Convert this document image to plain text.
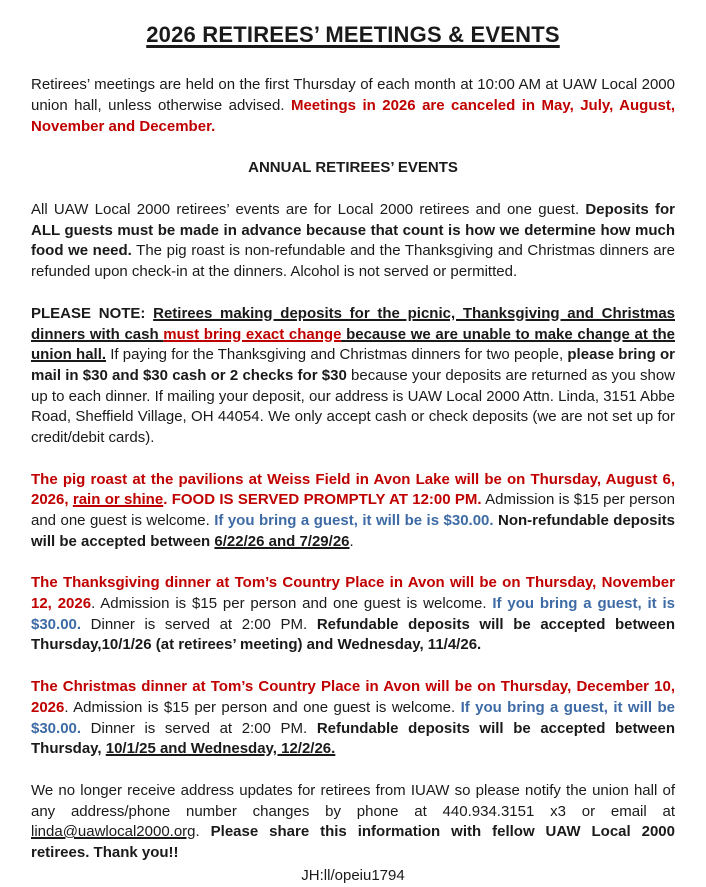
2026 RETIREES’ MEETINGS & EVENTS

Retirees’ meetings are held on the first Thursday of each month at 10:00 AM at UAW Local 2000 union hall, unless otherwise advised. Meetings in 2026 are canceled in May, July, August, November and December.

ANNUAL RETIREES’ EVENTS

All UAW Local 2000 retirees’ events are for Local 2000 retirees and one guest. Deposits for ALL guests must be made in advance because that count is how we determine how much food we need. The pig roast is non-refundable and the Thanksgiving and Christmas dinners are refunded upon check-in at the dinners. Alcohol is not served or permitted.

PLEASE NOTE: Retirees making deposits for the picnic, Thanksgiving and Christmas dinners with cash must bring exact change because we are unable to make change at the union hall. If paying for the Thanksgiving and Christmas dinners for two people, please bring or mail in $30 and $30 cash or 2 checks for $30 because your deposits are returned as you show up to each dinner. If mailing your deposit, our address is UAW Local 2000 Attn. Linda, 3151 Abbe Road, Sheffield Village, OH 44054. We only accept cash or check deposits (we are not set up for credit/debit cards).

The pig roast at the pavilions at Weiss Field in Avon Lake will be on Thursday, August 6, 2026, rain or shine. FOOD IS SERVED PROMPTLY AT 12:00 PM. Admission is $15 per person and one guest is welcome. If you bring a guest, it will be is $30.00. Non-refundable deposits will be accepted between 6/22/26 and 7/29/26.

The Thanksgiving dinner at Tom’s Country Place in Avon will be on Thursday, November 12, 2026. Admission is $15 per person and one guest is welcome. If you bring a guest, it is $30.00. Dinner is served at 2:00 PM. Refundable deposits will be accepted between Thursday,10/1/26 (at retirees’ meeting) and Wednesday, 11/4/26.

The Christmas dinner at Tom’s Country Place in Avon will be on Thursday, December 10, 2026. Admission is $15 per person and one guest is welcome. If you bring a guest, it will be $30.00. Dinner is served at 2:00 PM. Refundable deposits will be accepted between Thursday, 10/1/25 and Wednesday, 12/2/26.

We no longer receive address updates for retirees from IUAW so please notify the union hall of any address/phone number changes by phone at 440.934.3151 x3 or email at linda@uawlocal2000.org. Please share this information with fellow UAW Local 2000 retirees. Thank you!!

JH:ll/opeiu1794
